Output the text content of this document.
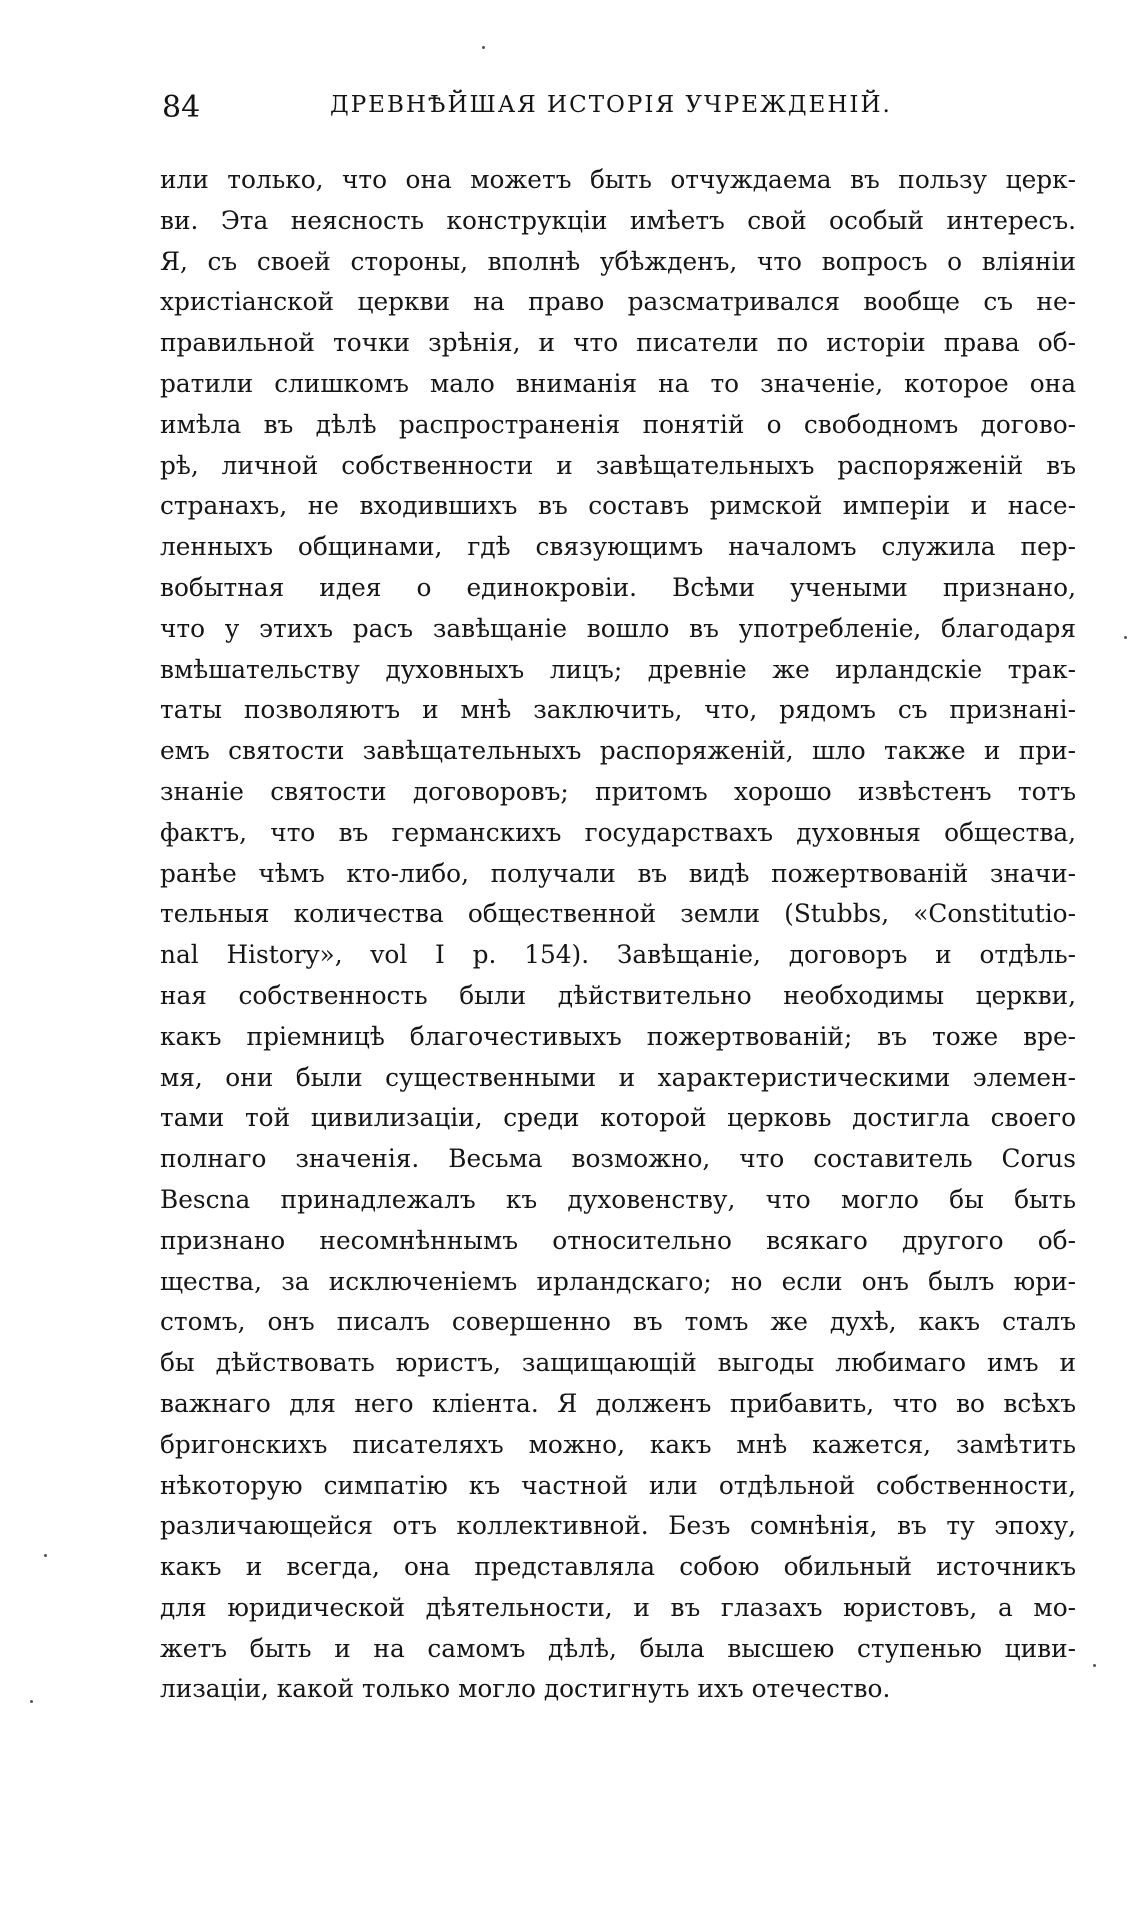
84	ДРЕВНѢЙШАЯ ИСТОРІЯ УЧРЕЖДЕНІЙ.
или только, что она можетъ быть отчуждаема въ пользу церк-
ви. Эта неясность конструкціи имѣетъ свой особый интересъ.
Я, съ своей стороны, вполнѣ убѣжденъ, что вопросъ о вліяніи
христіанской церкви на право разсматривался вообще съ не-
правильной точки зрѣнія, и что писатели по исторіи права об-
ратили слишкомъ мало вниманія на то значеніе, которое она
имѣла въ дѣлѣ распространенія понятій о свободномъ догово-
рѣ, личной собственности и завѣщательныхъ распоряженій въ
странахъ, не входившихъ въ составъ римской имперіи и насе-
ленныхъ общинами, гдѣ связующимъ началомъ служила пер-
вобытная идея о единокровіи. Всѣми учеными признано,
что у этихъ расъ завѣщаніе вошло въ употребленіе, благодаря
вмѣшательству духовныхъ лицъ; древніе же ирландскіе трак-
таты позволяютъ и мнѣ заключить, что, рядомъ съ признані-
емъ святости завѣщательныхъ распоряженій, шло также и при-
знаніе святости договоровъ; притомъ хорошо извѣстенъ тотъ
фактъ, что въ германскихъ государствахъ духовныя общества,
ранѣе чѣмъ кто-либо, получали въ видѣ пожертвованій значи-
тельныя количества общественной земли (Stubbs, «Constitutio-
nal History», vol I p. 154). Завѣщаніе, договоръ и отдѣль-
ная собственность были дѣйствительно необходимы церкви,
какъ пріемницѣ благочестивыхъ пожертвованій; въ тоже вре-
мя, они были существенными и характеристическими элемен-
тами той цивилизаціи, среди которой церковь достигла своего
полнаго значенія. Весьма возможно, что составитель Corus
Bescna принадлежалъ къ духовенству, что могло бы быть
признано несомнѣннымъ относительно всякаго другого об-
щества, за исключеніемъ ирландскаго; но если онъ былъ юри-
стомъ, онъ писалъ совершенно въ томъ же духѣ, какъ сталъ
бы дѣйствовать юристъ, защищающій выгоды любимаго имъ и
важнаго для него кліента. Я долженъ прибавить, что во всѣхъ
бригонскихъ писателяхъ можно, какъ мнѣ кажется, замѣтить
нѣкоторую симпатію къ частной или отдѣльной собственности,
различающейся отъ коллективной. Безъ сомнѣнія, въ ту эпоху,
какъ и всегда, она представляла собою обильный источникъ
для юридической дѣятельности, и въ глазахъ юристовъ, а мо-
жетъ быть и на самомъ дѣлѣ, была высшею ступенью циви-
лизаціи, какой только могло достигнуть ихъ отечество.
